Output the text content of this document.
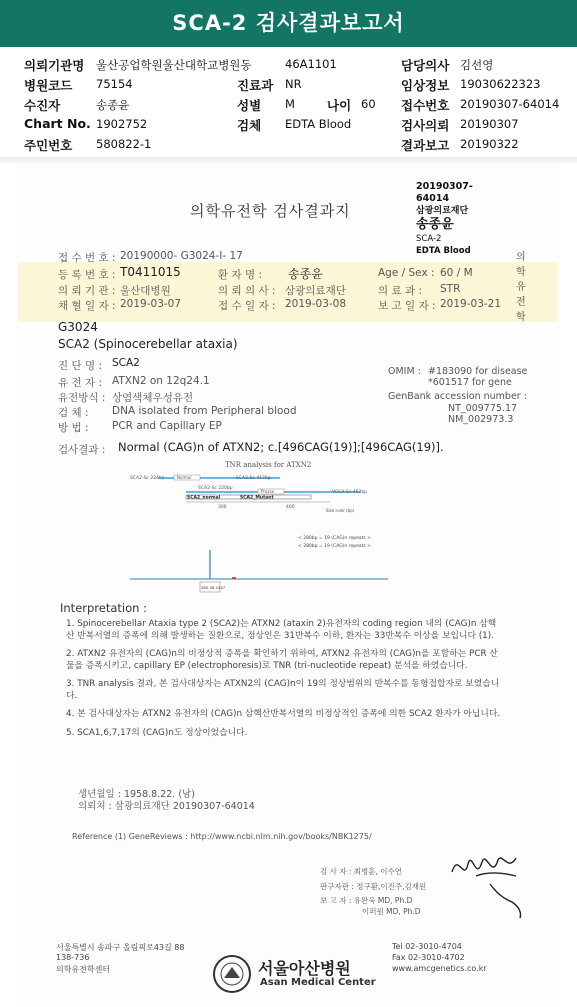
SCA-2 검사결과보고서
의뢰기관명 울산공업학원울산대학교병원동	46A1101	담당의사 김선영
병원코드 75154	진료과 NR	임상정보 19030622323
수진자	송종윤	성별 M	나이 60 접수번호 20190307-64014
Chart No. 1902752	검체 EDTA Blood	검사의뢰 20190307
주민번호 580822-1	결과보고 20190322
20190307-64014
삼광의료재단
송종윤
SCA-2
EDTA Blood
의학유전학 검사결과지
의학유전학
접 수 번 호 : 20190000- G3024-I- 17
등 록 번 호 : T0411015	환 자 명 : 송종윤	Age / Sex : 60 / M
의 뢰 기 관 : 울산대병원	의 뢰 의 사 : 삼광의료재단	의 료 과 : STR
채 혈 일 자 : 2019-03-07	접 수 일 자 : 2019-03-08	보 고 일 자 : 2019-03-21
G3024
SCA2 (Spinocerebellar ataxia)
진 단 명 : SCA2
유 전 자 : ATXN2 on 12q24.1
유전방식 : 상염색체우성유전
검 체 : DNA isolated from Peripheral blood
방 법 : PCR and Capillary EP
OMIM : #183090 for disease
*601517 for gene
GenBank accession number :
NT_009775.17
NM_002973.3
검사결과 : Normal (CAG)n of ATXN2; c.[496CAG(19)];[496CAG(19)].
TNR analysis for ATXN2
SCA2-Sc 224bp	Normal	SCA2-Sc 417bp
SCA2-Sc 220bp
Proxse	VCCA-Sc 463bp
SCA2_normal	SCA2_Mutant
300	400
Size ruler (bp)
< 280bp = 19 (CAG)n repeats >
< 280bp = 19 (CAG)n repeats >
280.38 2447
Interpretation :

1. Spinocerebellar Ataxia type 2 (SCA2)는 ATXN2 (ataxin 2)유전자의 coding region 내의 (CAG)n 삼핵산 반복서열의 증폭에 의해 발생하는 질환으로, 정상인은 31반복수 이하, 환자는 33반복수 이상을 보입니다 (1).

2. ATXN2 유전자의 (CAG)n의 비정상적 증폭을 확인하기 위하여, ATXN2 유전자의 (CAG)n을 포함하는 PCR 산물을 증폭시키고, capillary EP (electrophoresis)로 TNR (tri-nucleotide repeat) 분석을 하였습니다.

3. TNR analysis 결과, 본 검사대상자는 ATXN2의 (CAG)n이 19의 정상범위의 반복수를 동형접합자로 보였습니다.

4. 본 검사대상자는 ATXN2 유전자의 (CAG)n 삼핵산반복서열의 비정상적인 증폭에 의한 SCA2 환자가 아닙니다.

5. SCA1,6,7,17의 (CAG)n도 정상이었습니다.

생년월일 : 1958.8.22. (남)
의뢰처 : 삼광의료재단 20190307-64014
Reference (1) GeneReviews : http://www.ncbi.nlm.nih.gov/books/NBK1275/
검 사 자 : 최병훈, 이수연
판구자판 : 정구환,이진주,김재원
보 고 자 : 유완욱 MD, Ph.D
이퍼원 MD, Ph.D
서울특별시 송파구 올림픽로43길 88
138-736
의학유전학센터	서울아산병원
Asan Medical Center
Tel 02-3010-4704
Fax 02-3010-4702
www.amcgenetics.co.kr
